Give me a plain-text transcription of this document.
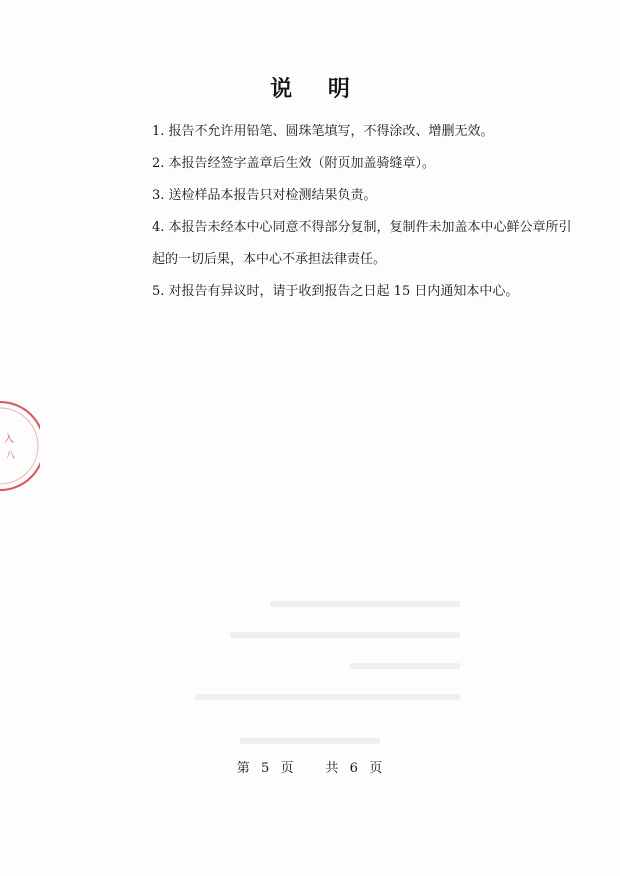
说 明

1. 报告不允许用铅笔、圆珠笔填写，不得涂改、增删无效。

2. 本报告经签字盖章后生效（附页加盖骑缝章）。

3. 送检样品本报告只对检测结果负责。

4. 本报告未经本中心同意不得部分复制，复制件未加盖本中心鲜公章所引
起的一切后果，本中心不承担法律责任。

5. 对报告有异议时，请于收到报告之日起 15 日内通知本中心。

入
八
第  5  页 共  6  页
